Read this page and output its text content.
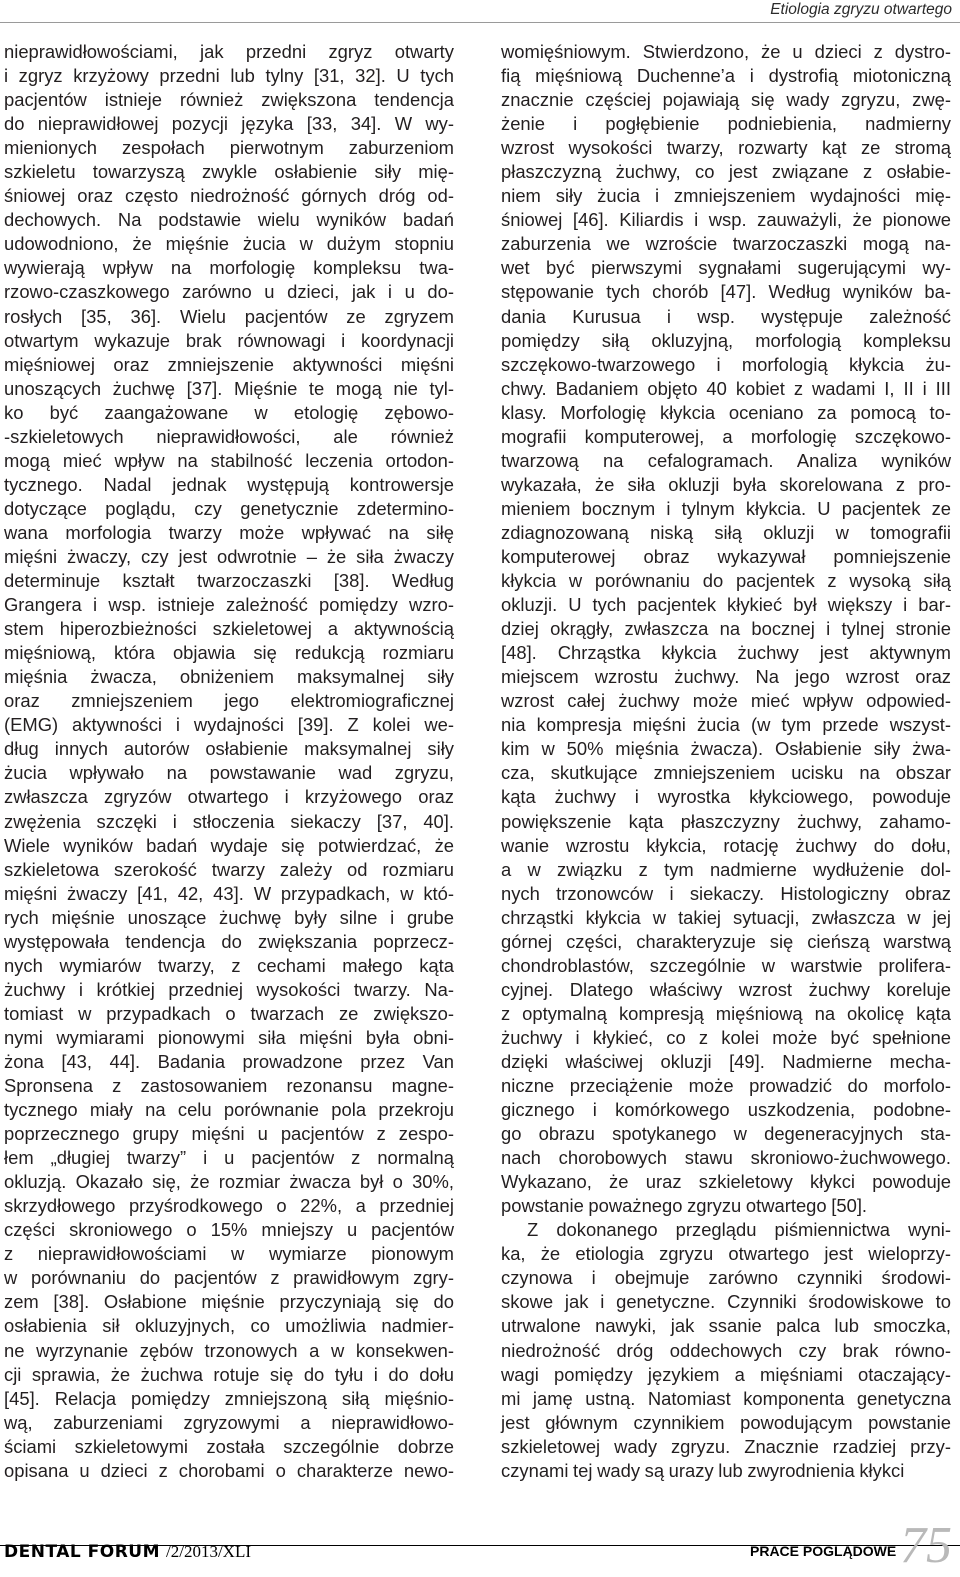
Etiologia zgryzu otwartego
nieprawidłowościami, jak przedni zgryz otwarty
i zgryz krzyżowy przedni lub tylny [31, 32]. U tych
pacjentów istnieje również zwiększona tendencja
do nieprawidłowej pozycji języka [33, 34]. W wy-
mienionych zespołach pierwotnym zaburzeniom
szkieletu towarzyszą zwykle osłabienie siły mię-
śniowej oraz często niedrożność górnych dróg od-
dechowych. Na podstawie wielu wyników badań
udowodniono, że mięśnie żucia w dużym stopniu
wywierają wpływ na morfologię kompleksu twa-
rzowo-czaszkowego zarówno u dzieci, jak i u do-
rosłych [35, 36]. Wielu pacjentów ze zgryzem
otwartym wykazuje brak równowagi i koordynacji
mięśniowej oraz zmniejszenie aktywności mięśni
unoszących żuchwę [37]. Mięśnie te mogą nie tyl-
ko być zaangażowane w etologię zębowo-
-szkieletowych nieprawidłowości, ale również
mogą mieć wpływ na stabilność leczenia ortodon-
tycznego. Nadal jednak występują kontrowersje
dotyczące poglądu, czy genetycznie zdetermino-
wana morfologia twarzy może wpływać na siłę
mięśni żwaczy, czy jest odwrotnie – że siła żwaczy
determinuje kształt twarzoczaszki [38]. Według
Grangera i wsp. istnieje zależność pomiędzy wzro-
stem hiperozbieżności szkieletowej a aktywnością
mięśniową, która objawia się redukcją rozmiaru
mięśnia żwacza, obniżeniem maksymalnej siły
oraz zmniejszeniem jego elektromiograficznej
(EMG) aktywności i wydajności [39]. Z kolei we-
dług innych autorów osłabienie maksymalnej siły
żucia wpływało na powstawanie wad zgryzu,
zwłaszcza zgryzów otwartego i krzyżowego oraz
zwężenia szczęki i stłoczenia siekaczy [37, 40].
Wiele wyników badań wydaje się potwierdzać, że
szkieletowa szerokość twarzy zależy od rozmiaru
mięśni żwaczy [41, 42, 43]. W przypadkach, w któ-
rych mięśnie unoszące żuchwę były silne i grube
występowała tendencja do zwiększania poprzecz-
nych wymiarów twarzy, z cechami małego kąta
żuchwy i krótkiej przedniej wysokości twarzy. Na-
tomiast w przypadkach o twarzach ze zwiększo-
nymi wymiarami pionowymi siła mięśni była obni-
żona [43, 44]. Badania prowadzone przez Van
Spronsena z zastosowaniem rezonansu magne-
tycznego miały na celu porównanie pola przekroju
poprzecznego grupy mięśni u pacjentów z zespo-
łem „długiej twarzy” i u pacjentów z normalną
okluzją. Okazało się, że rozmiar żwacza był o 30%,
skrzydłowego przyśrodkowego o 22%, a przedniej
części skroniowego o 15% mniejszy u pacjentów
z nieprawidłowościami w wymiarze pionowym
w porównaniu do pacjentów z prawidłowym zgry-
zem [38]. Osłabione mięśnie przyczyniają się do
osłabienia sił okluzyjnych, co umożliwia nadmier-
ne wyrzynanie zębów trzonowych a w konsekwen-
cji sprawia, że żuchwa rotuje się do tyłu i do dołu
[45]. Relacja pomiędzy zmniejszoną siłą mięśnio-
wą, zaburzeniami zgryzowymi a nieprawidłowo-
ściami szkieletowymi została szczególnie dobrze
opisana u dzieci z chorobami o charakterze newo-
womięśniowym. Stwierdzono, że u dzieci z dystro-
fią mięśniową Duchenne’a i dystrofią miotoniczną
znacznie częściej pojawiają się wady zgryzu, zwę-
żenie i pogłębienie podniebienia, nadmierny
wzrost wysokości twarzy, rozwarty kąt ze stromą
płaszczyzną żuchwy, co jest związane z osłabie-
niem siły żucia i zmniejszeniem wydajności mię-
śniowej [46]. Kiliardis i wsp. zauważyli, że pionowe
zaburzenia we wzroście twarzoczaszki mogą na-
wet być pierwszymi sygnałami sugerującymi wy-
stępowanie tych chorób [47]. Według wyników ba-
dania Kurusua i wsp. występuje zależność
pomiędzy siłą okluzyjną, morfologią kompleksu
szczękowo-twarzowego i morfologią kłykcia żu-
chwy. Badaniem objęto 40 kobiet z wadami I, II i III
klasy. Morfologię kłykcia oceniano za pomocą to-
mografii komputerowej, a morfologię szczękowo-
twarzową na cefalogramach. Analiza wyników
wykazała, że siła okluzji była skorelowana z pro-
mieniem bocznym i tylnym kłykcia. U pacjentek ze
zdiagnozowaną niską siłą okluzji w tomografii
komputerowej obraz wykazywał pomniejszenie
kłykcia w porównaniu do pacjentek z wysoką siłą
okluzji. U tych pacjentek kłykieć był większy i bar-
dziej okrągły, zwłaszcza na bocznej i tylnej stronie
[48]. Chrząstka kłykcia żuchwy jest aktywnym
miejscem wzrostu żuchwy. Na jego wzrost oraz
wzrost całej żuchwy może mieć wpływ odpowied-
nia kompresja mięśni żucia (w tym przede wszyst-
kim w 50% mięśnia żwacza). Osłabienie siły żwa-
cza, skutkujące zmniejszeniem ucisku na obszar
kąta żuchwy i wyrostka kłykciowego, powoduje
powiększenie kąta płaszczyzny żuchwy, zahamo-
wanie wzrostu kłykcia, rotację żuchwy do dołu,
a w związku z tym nadmierne wydłużenie dol-
nych trzonowców i siekaczy. Histologiczny obraz
chrząstki kłykcia w takiej sytuacji, zwłaszcza w jej
górnej części, charakteryzuje się cieńszą warstwą
chondroblastów, szczególnie w warstwie prolifera-
cyjnej. Dlatego właściwy wzrost żuchwy koreluje
z optymalną kompresją mięśniową na okolicę kąta
żuchwy i kłykieć, co z kolei może być spełnione
dzięki właściwej okluzji [49]. Nadmierne mecha-
niczne przeciążenie może prowadzić do morfolo-
gicznego i komórkowego uszkodzenia, podobne-
go obrazu spotykanego w degeneracyjnych sta-
nach chorobowych stawu skroniowo-żuchwowego.
Wykazano, że uraz szkieletowy kłykci powoduje
powstanie poważnego zgryzu otwartego [50].
Z dokonanego przeglądu piśmiennictwa wyni-
ka, że etiologia zgryzu otwartego jest wieloprzy-
czynowa i obejmuje zarówno czynniki środowi-
skowe jak i genetyczne. Czynniki środowiskowe to
utrwalone nawyki, jak ssanie palca lub smoczka,
niedrożność dróg oddechowych czy brak równo-
wagi pomiędzy językiem a mięśniami otaczający-
mi jamę ustną. Natomiast komponenta genetyczna
jest głównym czynnikiem powodującym powstanie
szkieletowej wady zgryzu. Znacznie rzadziej przy-
czynami tej wady są urazy lub zwyrodnienia kłykci
DENTAL FORUM /2/2013/XLI	PRACE POGLĄDOWE 75
